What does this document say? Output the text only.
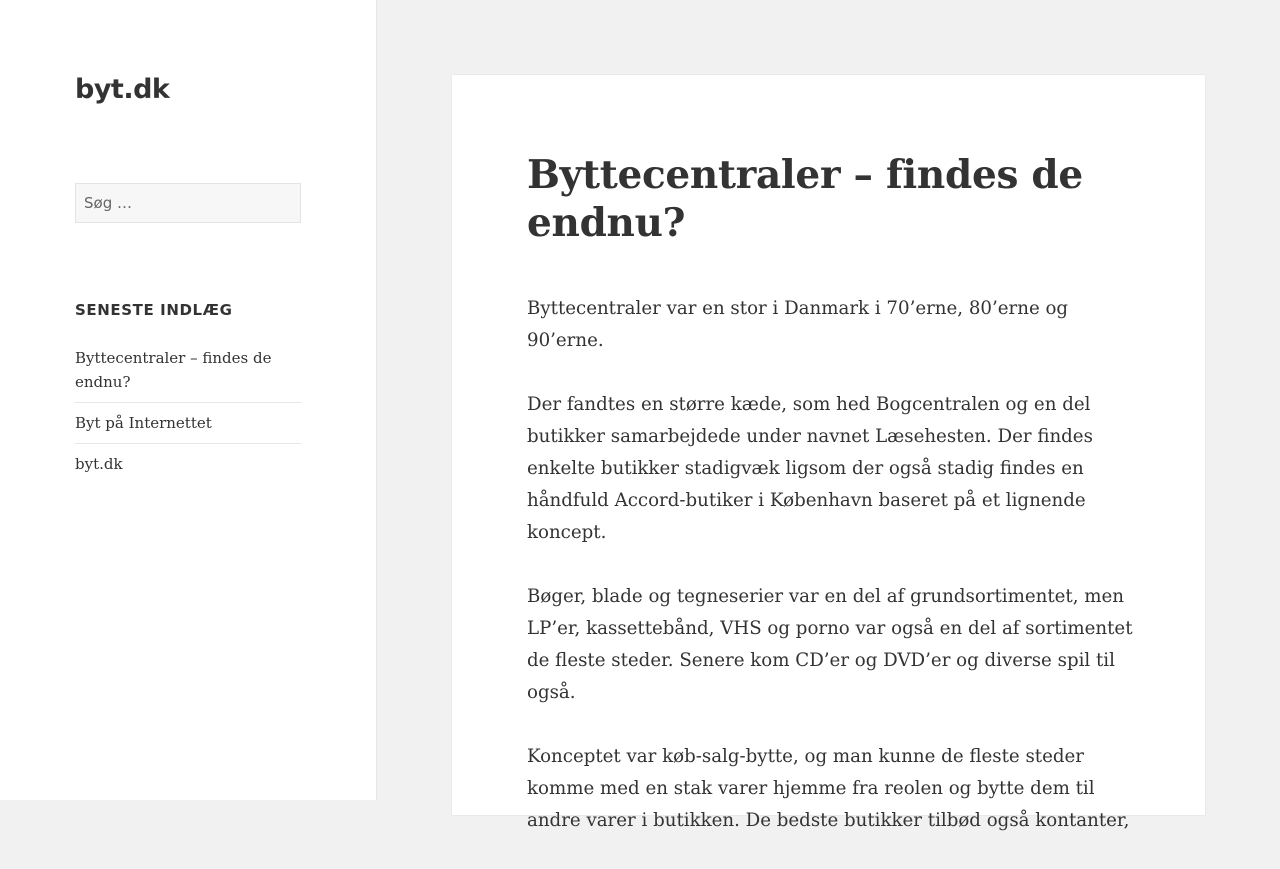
byt.dk
Søg …
SENESTE INDLÆG
Byttecentraler – findes de endnu?
Byt på Internettet
byt.dk
Byttecentraler – findes de endnu?

Byttecentraler var en stor i Danmark i 70’erne, 80’erne og 90’erne.

Der fandtes en større kæde, som hed Bogcentralen og en del butikker samarbejdede under navnet Læsehesten. Der findes enkelte butikker stadigvæk ligsom der også stadig findes en håndfuld Accord-butiker i København baseret på et lignende koncept.

Bøger, blade og tegneserier var en del af grundsortimentet, men LP’er, kassettebånd, VHS og porno var også en del af sortimentet de fleste steder. Senere kom CD’er og DVD’er og diverse spil til også.

Konceptet var køb-salg-bytte, og man kunne de fleste steder komme med en stak varer hjemme fra reolen og bytte dem til andre varer i butikken. De bedste butikker tilbød også kontanter,
